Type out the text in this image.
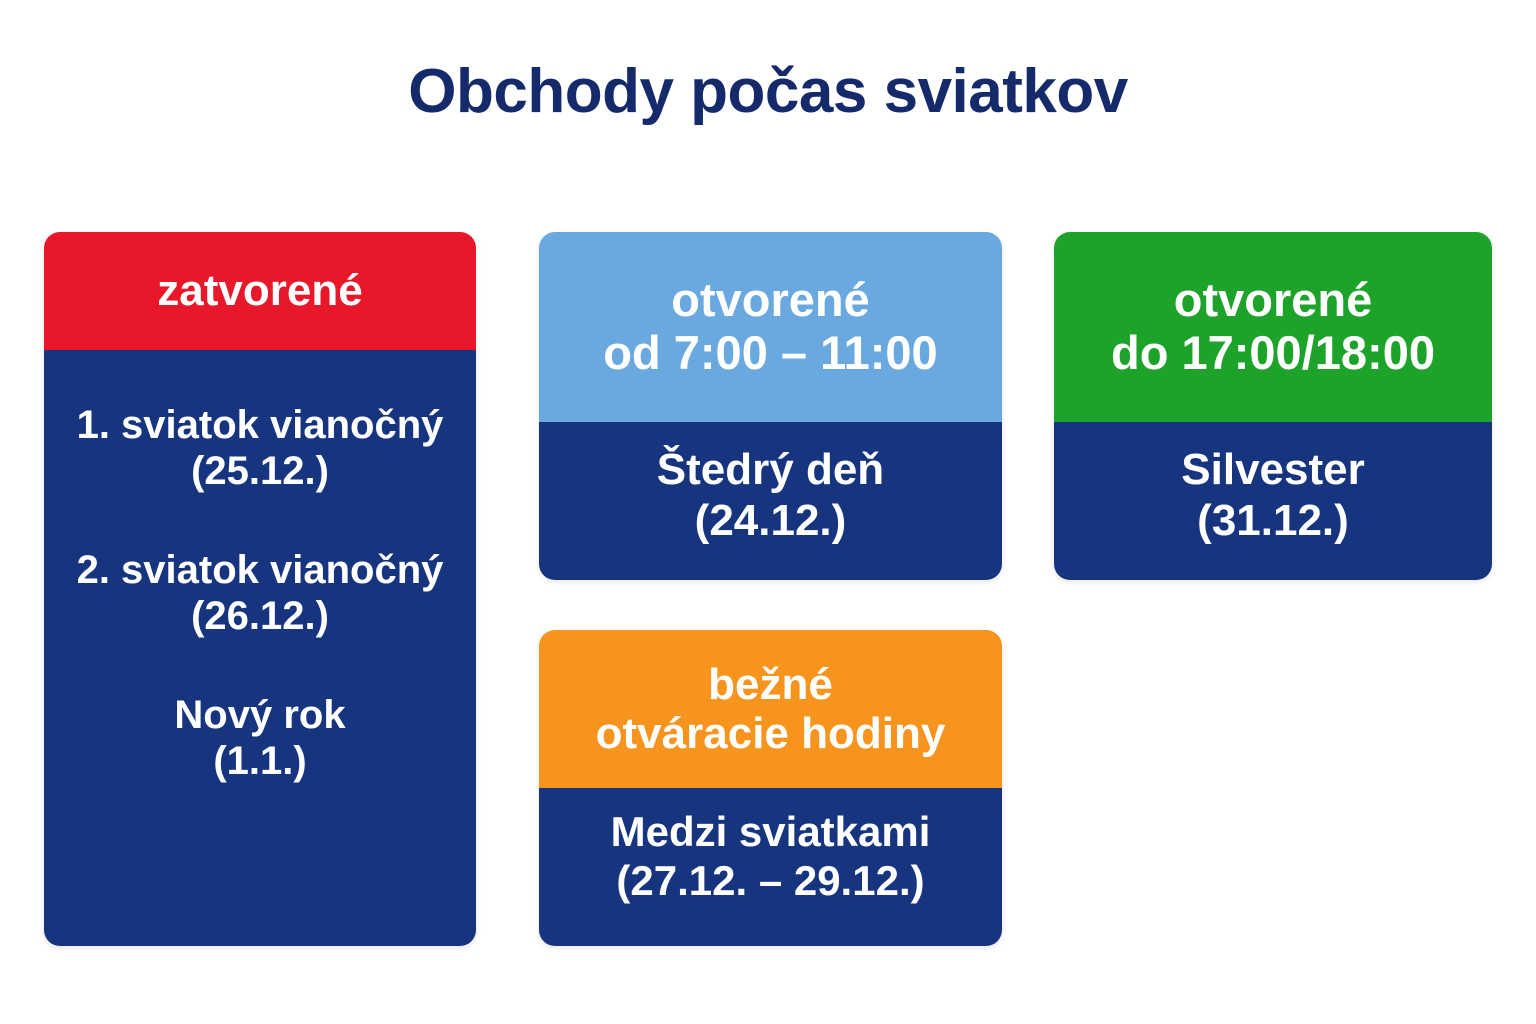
Obchody počas sviatkov
zatvorené
1. sviatok vianočný
(25.12.)
2. sviatok vianočný
(26.12.)
Nový rok
(1.1.)
otvorené
od 7:00 – 11:00
Štedrý deň
(24.12.)
otvorené
do 17:00/18:00
Silvester
(31.12.)
bežné
otváracie hodiny
Medzi sviatkami
(27.12. – 29.12.)
